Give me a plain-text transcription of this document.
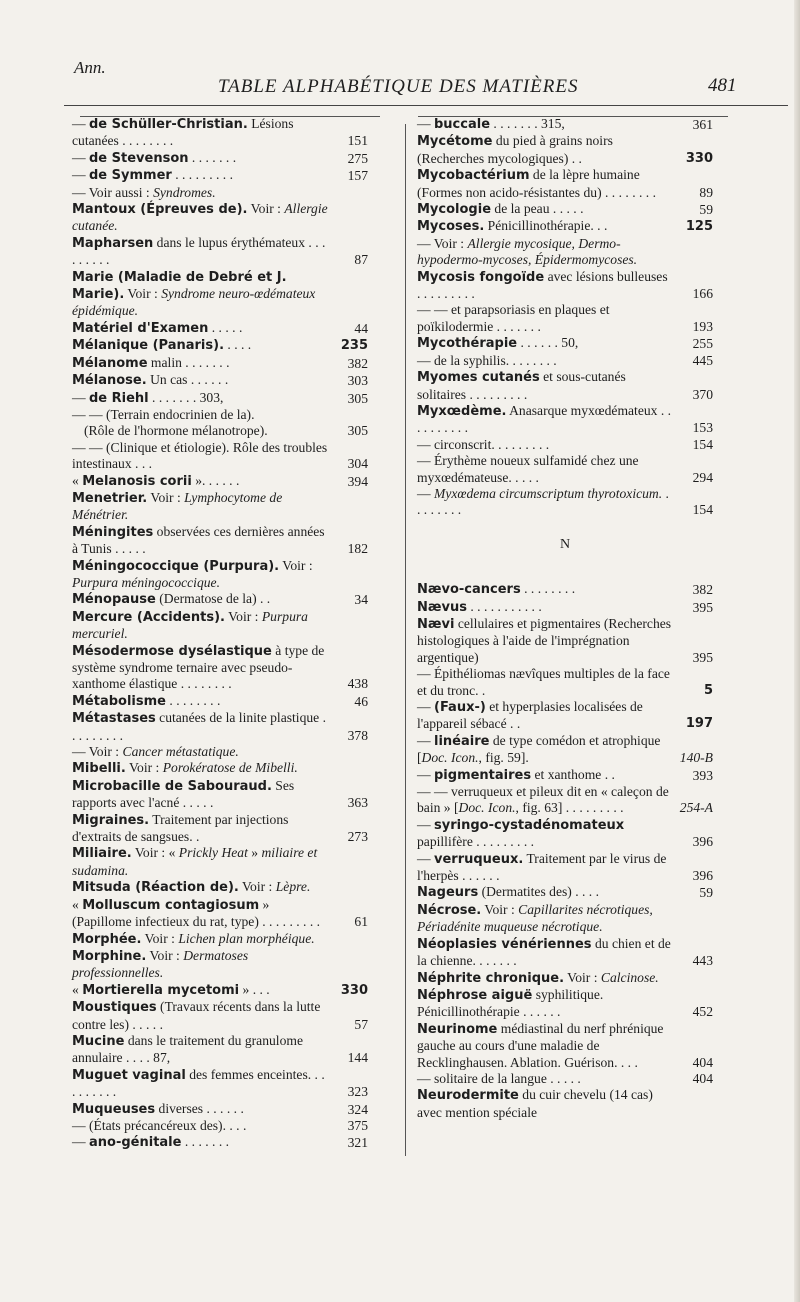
Ann.
TABLE ALPHABÉTIQUE DES MATIÈRES	481
— de Schüller-Christian. Lésions cutanées . . . . . . . .	151
— de Stevenson . . . . . . .	275
— de Symmer . . . . . . . . .	157
— Voir aussi : Syndromes.
Mantoux (Épreuves de). Voir : Allergie cutanée.
Mapharsen dans le lupus érythémateux . . . . . . . . .	87
Marie (Maladie de Debré et J. Marie). Voir : Syndrome neuro-œdémateux épidémique.
Matériel d'Examen . . . . .	44
Mélanique (Panaris). . . . .	235
Mélanome malin . . . . . . .	382
Mélanose. Un cas . . . . . .	303
— de Riehl . . . . . . . 303,	305
— — (Terrain endocrinien de la).
(Rôle de l'hormone mélanotrope).	305
— — (Clinique et étiologie). Rôle des troubles intestinaux . . .	304
« Melanosis corii ». . . . . .	394
Menetrier. Voir : Lymphocytome de Ménétrier.
Méningites observées ces dernières années à Tunis . . . . .	182
Méningococcique (Purpura). Voir : Purpura méningococcique.
Ménopause (Dermatose de la) . .	34
Mercure (Accidents). Voir : Purpura mercuriel.
Mésodermose dysélastique à type de système syndrome ternaire avec pseudo-xanthome élastique . . . . . . . .	438
Métabolisme . . . . . . . .	46
Métastases cutanées de la linite plastique . . . . . . . . .	378
— Voir : Cancer métastatique.
Mibelli. Voir : Porokératose de Mibelli.
Microbacille de Sabouraud. Ses rapports avec l'acné . . . . .	363
Migraines. Traitement par injections d'extraits de sangsues. .	273
Miliaire. Voir : « Prickly Heat » miliaire et sudamina.
Mitsuda (Réaction de). Voir : Lèpre.
« Molluscum contagiosum » (Papillome infectieux du rat, type) . . . . . . . . .	61
Morphée. Voir : Lichen plan morphéique.
Morphine. Voir : Dermatoses professionnelles.
« Mortierella mycetomi » . . .	330
Moustiques (Travaux récents dans la lutte contre les) . . . . .	57
Mucine dans le traitement du granulome annulaire . . . . 87,	144
Muguet vaginal des femmes enceintes. . . . . . . . . .	323
Muqueuses diverses . . . . . .	324
— (États précancéreux des). . . .	375
— ano-génitale . . . . . . .	321
— buccale . . . . . . . 315,	361
Mycétome du pied à grains noirs (Recherches mycologiques) . .	330
Mycobactérium de la lèpre humaine (Formes non acido-résistantes du) . . . . . . . .	89
Mycologie de la peau . . . . .	59
Mycoses. Pénicillinothérapie. . .	125
— Voir : Allergie mycosique, Dermo-hypodermo-mycoses, Épidermomycoses.
Mycosis fongoïde avec lésions bulleuses . . . . . . . . .	166
— — et parapsoriasis en plaques et poïkilodermie . . . . . . .	193
Mycothérapie . . . . . . 50,	255
— de la syphilis. . . . . . . .	445
Myomes cutanés et sous-cutanés solitaires . . . . . . . . .	370
Myxœdème. Anasarque myxœdémateux . . . . . . . . . .	153
— circonscrit. . . . . . . . .	154
— Érythème noueux sulfamidé chez une myxœdémateuse. . . . .	294
— Myxœdema circumscriptum thyrotoxicum. . . . . . . . .	154
N
Nævo-cancers . . . . . . . .	382
Nævus . . . . . . . . . . .	395
Nævi cellulaires et pigmentaires (Recherches histologiques à l'aide de l'imprégnation argentique)	395
— Épithéliomas nævîques multiples de la face et du tronc. .	5
— (Faux-) et hyperplasies localisées de l'appareil sébacé . .	197
— linéaire de type comédon et atrophique [Doc. Icon., fig. 59].	140-B
— pigmentaires et xanthome . .	393
— — verruqueux et pileux dit en « caleçon de bain » [Doc. Icon., fig. 63] . . . . . . . . .	254-A
— syringo-cystadénomateux papillifère . . . . . . . . .	396
— verruqueux. Traitement par le virus de l'herpès . . . . . .	396
Nageurs (Dermatites des) . . . .	59
Nécrose. Voir : Capillarites nécrotiques, Périadénite muqueuse nécrotique.
Néoplasies vénériennes du chien et de la chienne. . . . . . .	443
Néphrite chronique. Voir : Calcinose.
Néphrose aiguë syphilitique. Pénicillinothérapie . . . . . .	452
Neurinome médiastinal du nerf phrénique gauche au cours d'une maladie de Recklinghausen. Ablation. Guérison. . . .	404
— solitaire de la langue . . . . .	404
Neurodermite du cuir chevelu (14 cas) avec mention spéciale
